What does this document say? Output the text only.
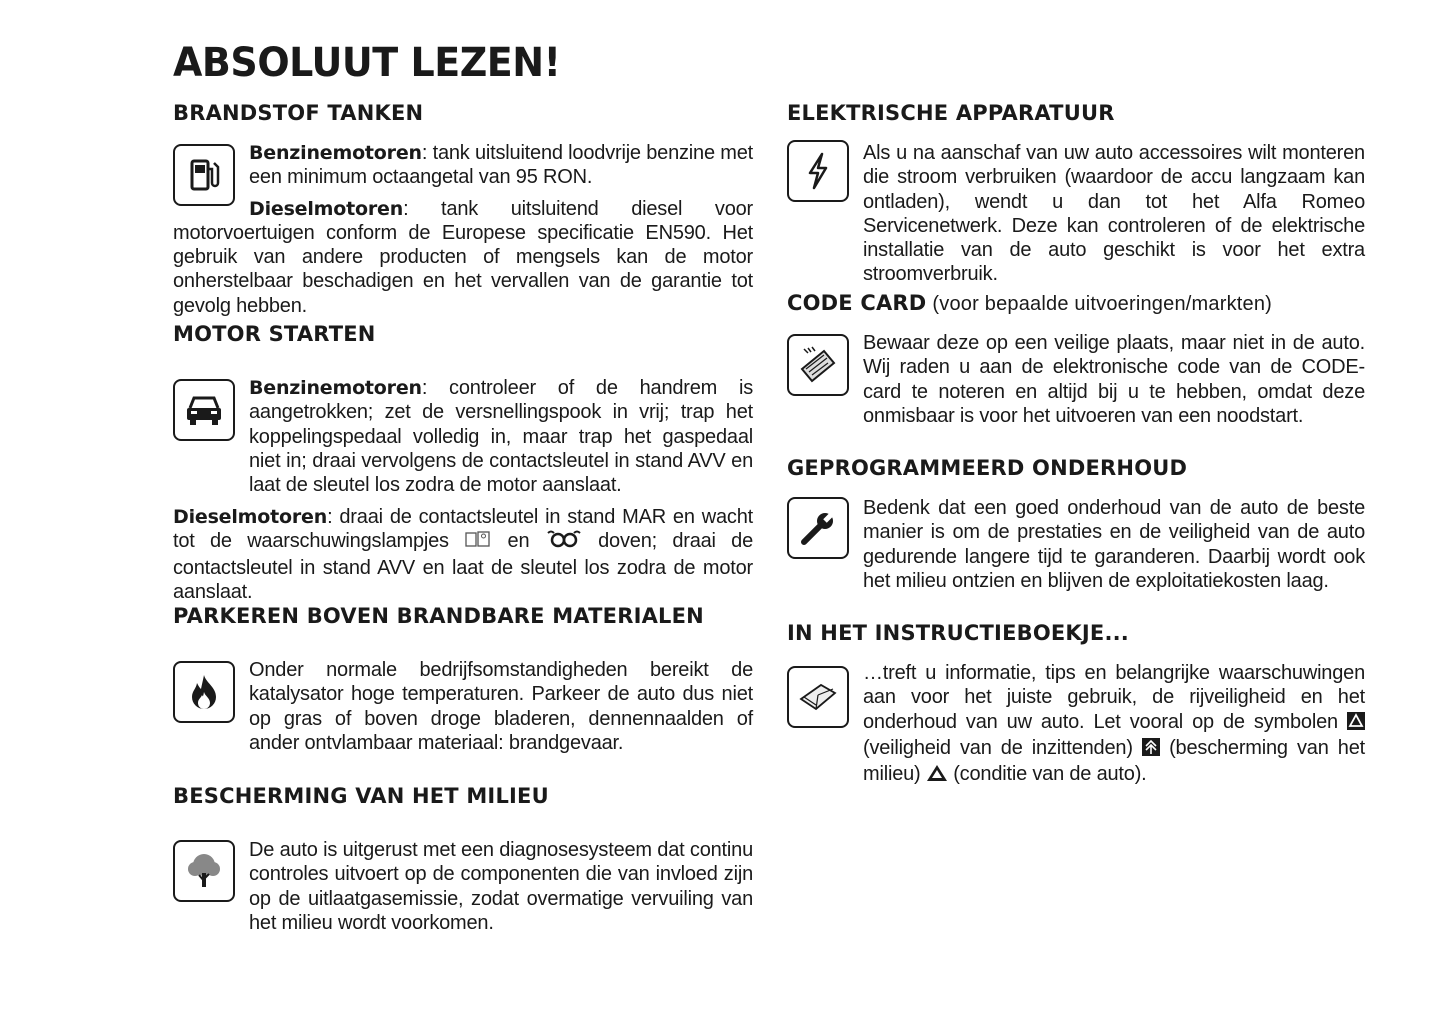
ABSOLUUT LEZEN!
BRANDSTOF TANKEN

Benzinemotoren: tank uitsluitend loodvrije benzine met een minimum octaangetal van 95 RON.

Dieselmotoren: tank uitsluitend diesel voor motorvoertuigen conform de Europese specificatie EN590. Het gebruik van andere producten of mengsels kan de motor onherstelbaar beschadigen en het vervallen van de garantie tot gevolg hebben.

MOTOR STARTEN

Benzinemotoren: controleer of de handrem is aangetrokken; zet de versnellingspook in vrij; trap het koppelingspedaal volledig in, maar trap het gaspedaal niet in; draai vervolgens de contactsleutel in stand AVV en laat de sleutel los zodra de motor aanslaat.

Dieselmotoren: draai de contactsleutel in stand MAR en wacht tot de waarschuwingslampjes  en  doven; draai de contactsleutel in stand AVV en laat de sleutel los zodra de motor aanslaat.

PARKEREN BOVEN BRANDBARE MATERIALEN
Onder normale bedrijfsomstandigheden bereikt de katalysator hoge temperaturen. Parkeer de auto dus niet op gras of boven droge bladeren, dennennaalden of ander ontvlambaar materiaal: brandgevaar.
BESCHERMING VAN HET MILIEU
De auto is uitgerust met een diagnosesysteem dat continu controles uitvoert op de componenten die van invloed zijn op de uitlaatgasemissie, zodat overmatige vervuiling van het milieu wordt voorkomen.
ELEKTRISCHE APPARATUUR
Als u na aanschaf van uw auto accessoires wilt monteren die stroom verbruiken (waardoor de accu langzaam kan ontladen), wendt u dan tot het Alfa Romeo Servicenetwerk. Deze kan controleren of de elektrische installatie van de auto geschikt is voor het extra stroomverbruik.
CODE CARD (voor bepaalde uitvoeringen/markten)
Bewaar deze op een veilige plaats, maar niet in de auto. Wij raden u aan de elektronische code van de CODE-card te noteren en altijd bij u te hebben, omdat deze onmisbaar is voor het uitvoeren van een noodstart.
GEPROGRAMMEERD ONDERHOUD
Bedenk dat een goed onderhoud van de auto de beste manier is om de prestaties en de veiligheid van de auto gedurende langere tijd te garanderen. Daarbij wordt ook het milieu ontzien en blijven de exploitatiekosten laag.
IN HET INSTRUCTIEBOEKJE...
…treft u informatie, tips en belangrijke waarschuwingen aan voor het juiste gebruik, de rijveiligheid en het onderhoud van uw auto. Let vooral op de symbolen  (veiligheid van de inzittenden)  (bescherming van het milieu)  (conditie van de auto).
